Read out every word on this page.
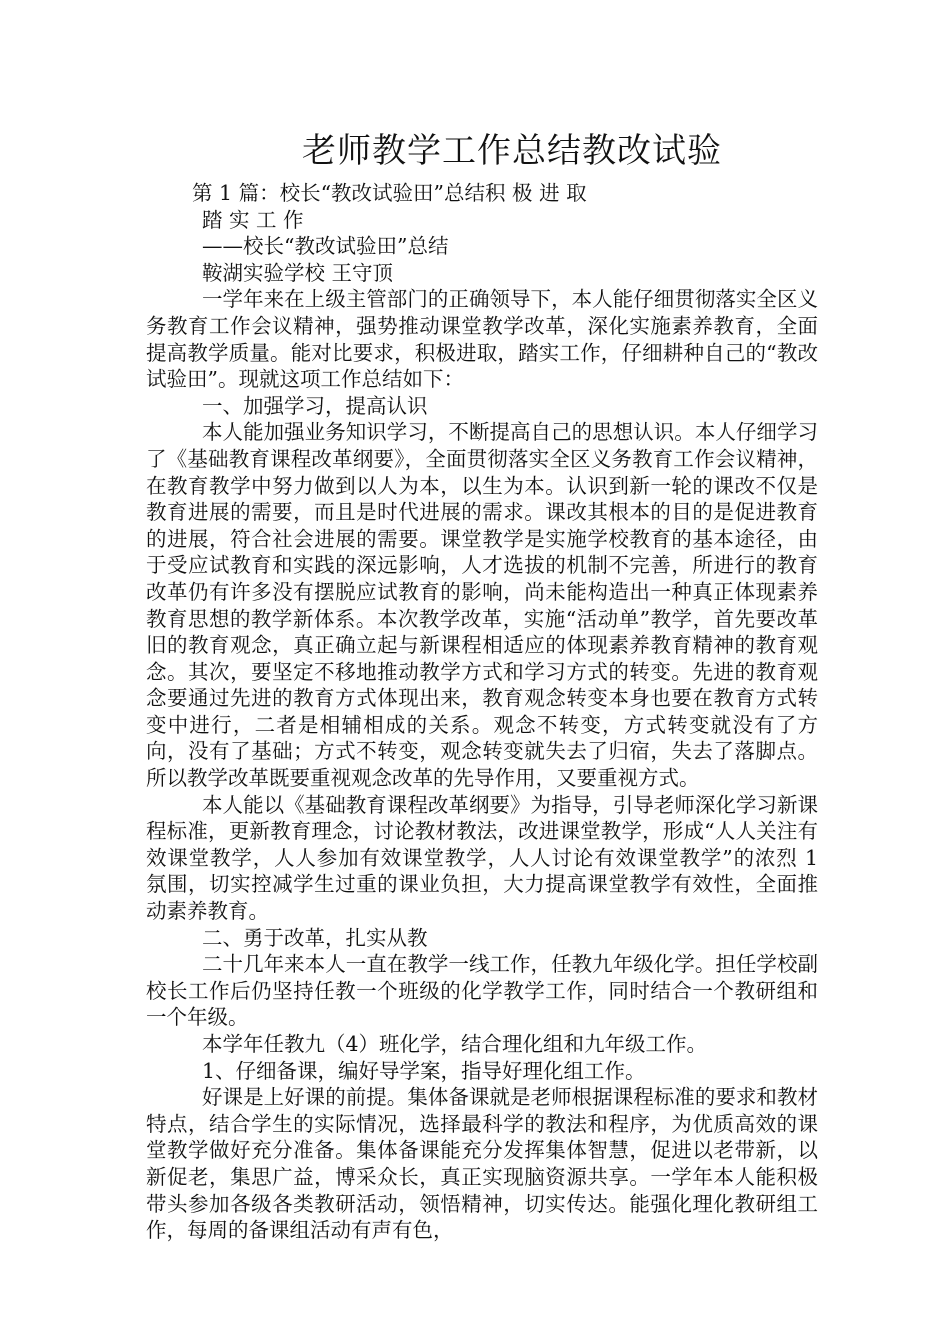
老师教学工作总结教改试验

第 1 篇：校长“教改试验田”总结积 极 进 取

踏 实 工 作

——校长“教改试验田”总结

鞍湖实验学校 王守顶

一学年来在上级主管部门的正确领导下，本人能仔细贯彻落实全区义务教育工作会议精神，强势推动课堂教学改革，深化实施素养教育，全面提高教学质量。能对比要求，积极进取，踏实工作，仔细耕种自己的“教改试验田”。现就这项工作总结如下：

一、加强学习，提高认识

本人能加强业务知识学习，不断提高自己的思想认识。本人仔细学习了《基础教育课程改革纲要》，全面贯彻落实全区义务教育工作会议精神，在教育教学中努力做到以人为本，以生为本。认识到新一轮的课改不仅是教育进展的需要，而且是时代进展的需求。课改其根本的目的是促进教育的进展，符合社会进展的需要。课堂教学是实施学校教育的基本途径，由于受应试教育和实践的深远影响，人才选拔的机制不完善，所进行的教育改革仍有许多没有摆脱应试教育的影响，尚未能构造出一种真正体现素养教育思想的教学新体系。本次教学改革，实施“活动单”教学，首先要改革旧的教育观念，真正确立起与新课程相适应的体现素养教育精神的教育观念。其次，要坚定不移地推动教学方式和学习方式的转变。先进的教育观念要通过先进的教育方式体现出来，教育观念转变本身也要在教育方式转变中进行，二者是相辅相成的关系。观念不转变，方式转变就没有了方向，没有了基础；方式不转变，观念转变就失去了归宿，失去了落脚点。所以教学改革既要重视观念改革的先导作用，又要重视方式。

本人能以《基础教育课程改革纲要》为指导，引导老师深化学习新课程标准，更新教育理念，讨论教材教法，改进课堂教学，形成“人人关注有效课堂教学，人人参加有效课堂教学，人人讨论有效课堂教学”的浓烈 1 氛围，切实控减学生过重的课业负担，大力提高课堂教学有效性，全面推动素养教育。

二、勇于改革，扎实从教

二十几年来本人一直在教学一线工作，任教九年级化学。担任学校副校长工作后仍坚持任教一个班级的化学教学工作，同时结合一个教研组和一个年级。

本学年任教九（4）班化学，结合理化组和九年级工作。

1、仔细备课，编好导学案，指导好理化组工作。

好课是上好课的前提。集体备课就是老师根据课程标准的要求和教材特点，结合学生的实际情况，选择最科学的教法和程序，为优质高效的课堂教学做好充分准备。集体备课能充分发挥集体智慧，促进以老带新，以新促老，集思广益，博采众长，真正实现脑资源共享。一学年本人能积极带头参加各级各类教研活动，领悟精神，切实传达。能强化理化教研组工作，每周的备课组活动有声有色，
